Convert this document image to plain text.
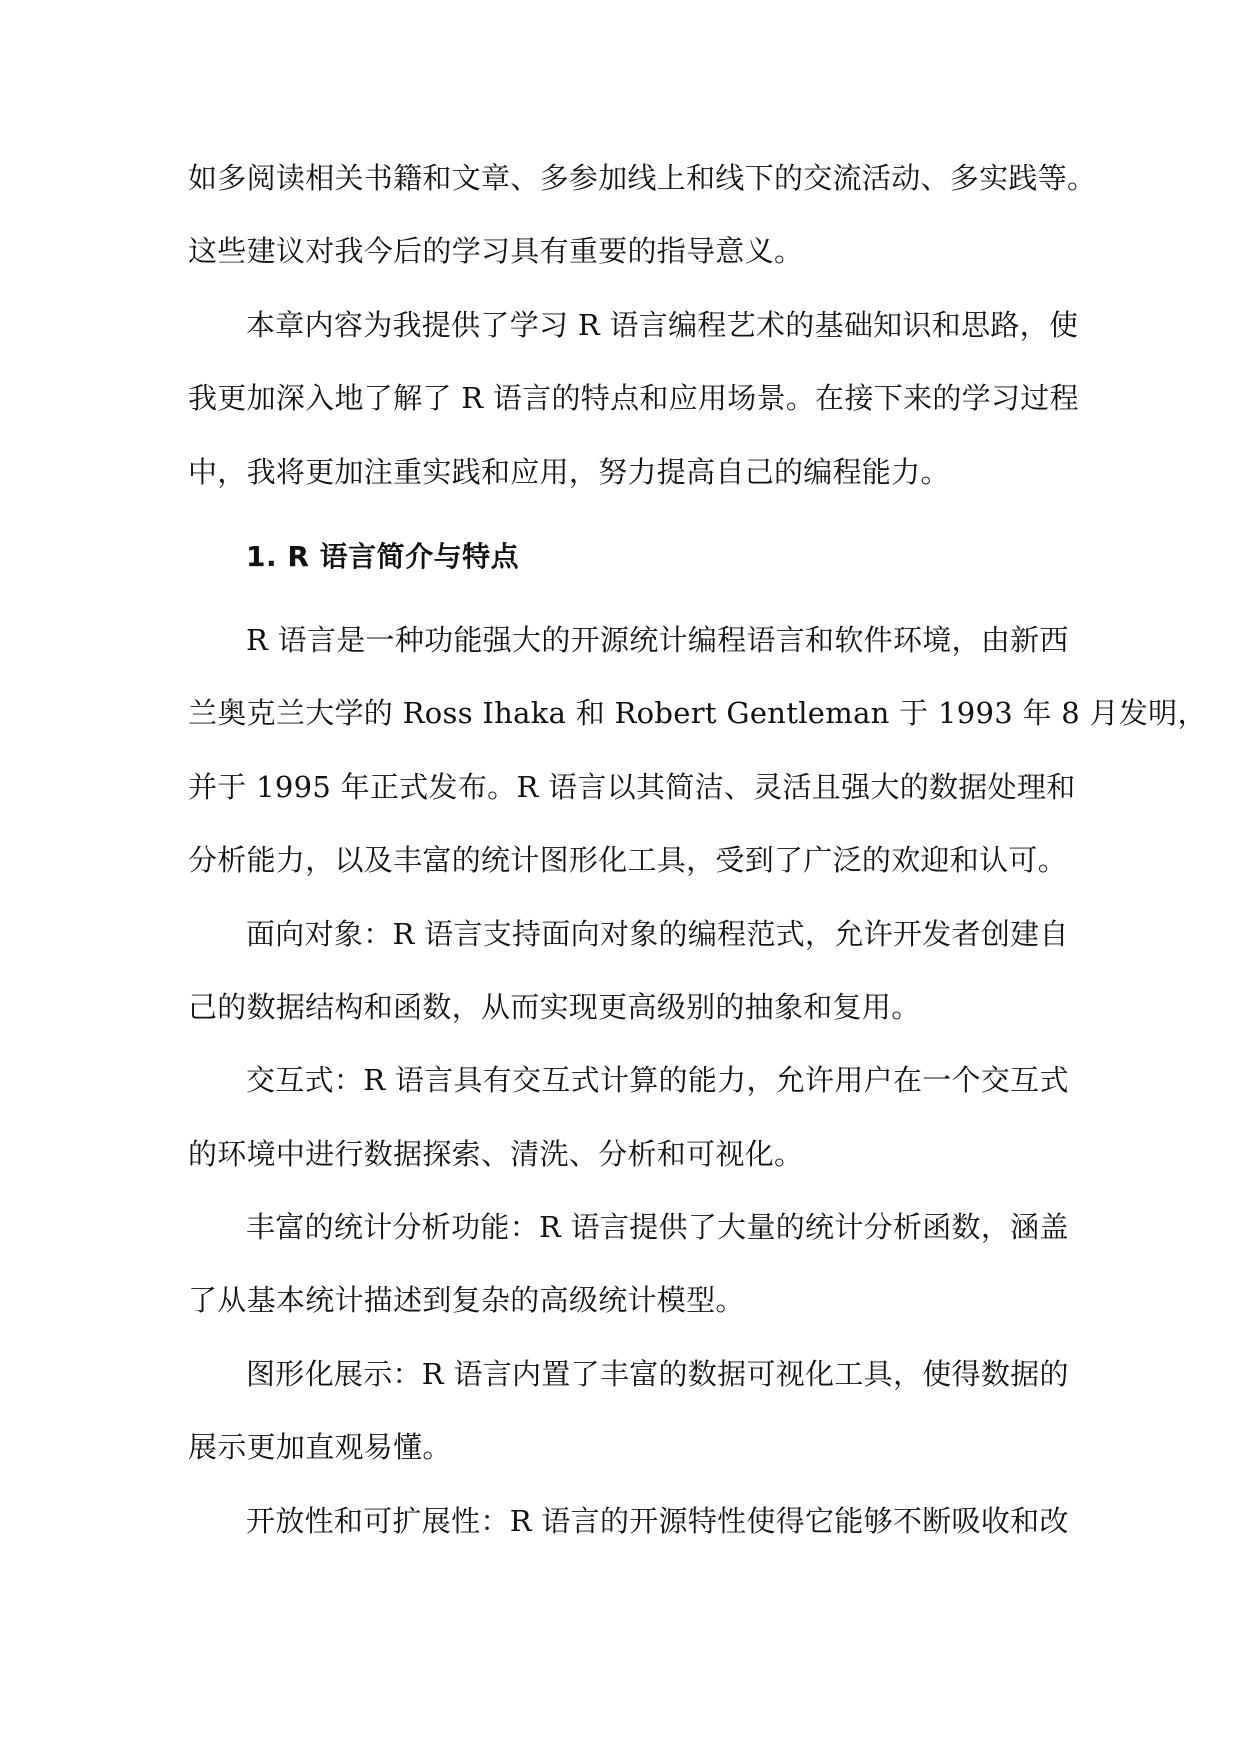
如多阅读相关书籍和文章、多参加线上和线下的交流活动、多实践等。
这些建议对我今后的学习具有重要的指导意义。
本章内容为我提供了学习 R 语言编程艺术的基础知识和思路，使
我更加深入地了解了 R 语言的特点和应用场景。在接下来的学习过程
中，我将更加注重实践和应用，努力提高自己的编程能力。
1. R 语言简介与特点
R 语言是一种功能强大的开源统计编程语言和软件环境，由新西
兰奥克兰大学的 Ross Ihaka 和 Robert Gentleman 于 1993 年 8 月发明，
并于 1995 年正式发布。R 语言以其简洁、灵活且强大的数据处理和
分析能力，以及丰富的统计图形化工具，受到了广泛的欢迎和认可。
面向对象：R 语言支持面向对象的编程范式，允许开发者创建自
己的数据结构和函数，从而实现更高级别的抽象和复用。
交互式：R 语言具有交互式计算的能力，允许用户在一个交互式
的环境中进行数据探索、清洗、分析和可视化。
丰富的统计分析功能：R 语言提供了大量的统计分析函数，涵盖
了从基本统计描述到复杂的高级统计模型。
图形化展示：R 语言内置了丰富的数据可视化工具，使得数据的
展示更加直观易懂。
开放性和可扩展性：R 语言的开源特性使得它能够不断吸收和改
